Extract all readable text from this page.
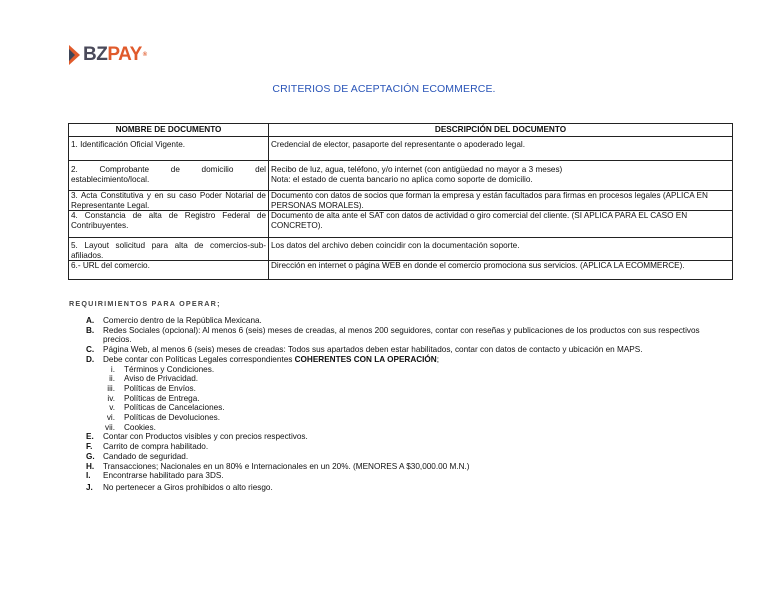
BZPAY®
CRITERIOS DE ACEPTACIÓN ECOMMERCE.
NOMBRE DE DOCUMENTO	DESCRIPCIÓN DEL DOCUMENTO
1. Identificación Oficial Vigente.	Credencial de elector, pasaporte del representante o apoderado legal.
2. Comprobante de domicilio del establecimiento/local.	Recibo de luz, agua, teléfono, y/o internet (con antigüedad no mayor a 3 meses)
Nota: el estado de cuenta bancario no aplica como soporte de domicilio.

3. Acta Constitutiva y en su caso Poder Notarial de Representante Legal.	Documento con datos de socios que forman la empresa y están facultados para firmas en procesos legales (APLICA EN PERSONAS MORALES).
4. Constancia de alta de Registro Federal de Contribuyentes.	Documento de alta ante el SAT con datos de actividad o giro comercial del cliente. (SI APLICA PARA EL CASO EN CONCRETO).
5. Layout solicitud para alta de comercios-sub-afiliados.	Los datos del archivo deben coincidir con la documentación soporte.
6.- URL del comercio.	Dirección en internet o página WEB en donde el comercio promociona sus servicios. (APLICA LA ECOMMERCE).
REQUIRIMIENTOS PARA OPERAR;
A.	Comercio dentro de la República Mexicana.
B.	Redes Sociales (opcional): Al menos 6 (seis) meses de creadas, al menos 200 seguidores, contar con reseñas y publicaciones de los productos con sus respectivos precios.
C.	Página Web, al menos 6 (seis) meses de creadas: Todos sus apartados deben estar habilitados, contar con datos de contacto y ubicación en MAPS.
D.	Debe contar con Políticas Legales correspondientes COHERENTES CON LA OPERACIÓN;
i.	Términos y Condiciones.
ii.	Aviso de Privacidad.
iii.	Políticas de Envíos.
iv.	Políticas de Entrega.
v.	Políticas de Cancelaciones.
vi.	Políticas de Devoluciones.
vii.	Cookies.
E.	Contar con Productos visibles y con precios respectivos.
F.	Carrito de compra habilitado.
G.	Candado de seguridad.
H.	Transacciones; Nacionales en un 80% e Internacionales en un 20%. (MENORES A $30,000.00 M.N.)
I.	Encontrarse habilitado para 3DS.
J.	No pertenecer a Giros prohibidos o alto riesgo.
